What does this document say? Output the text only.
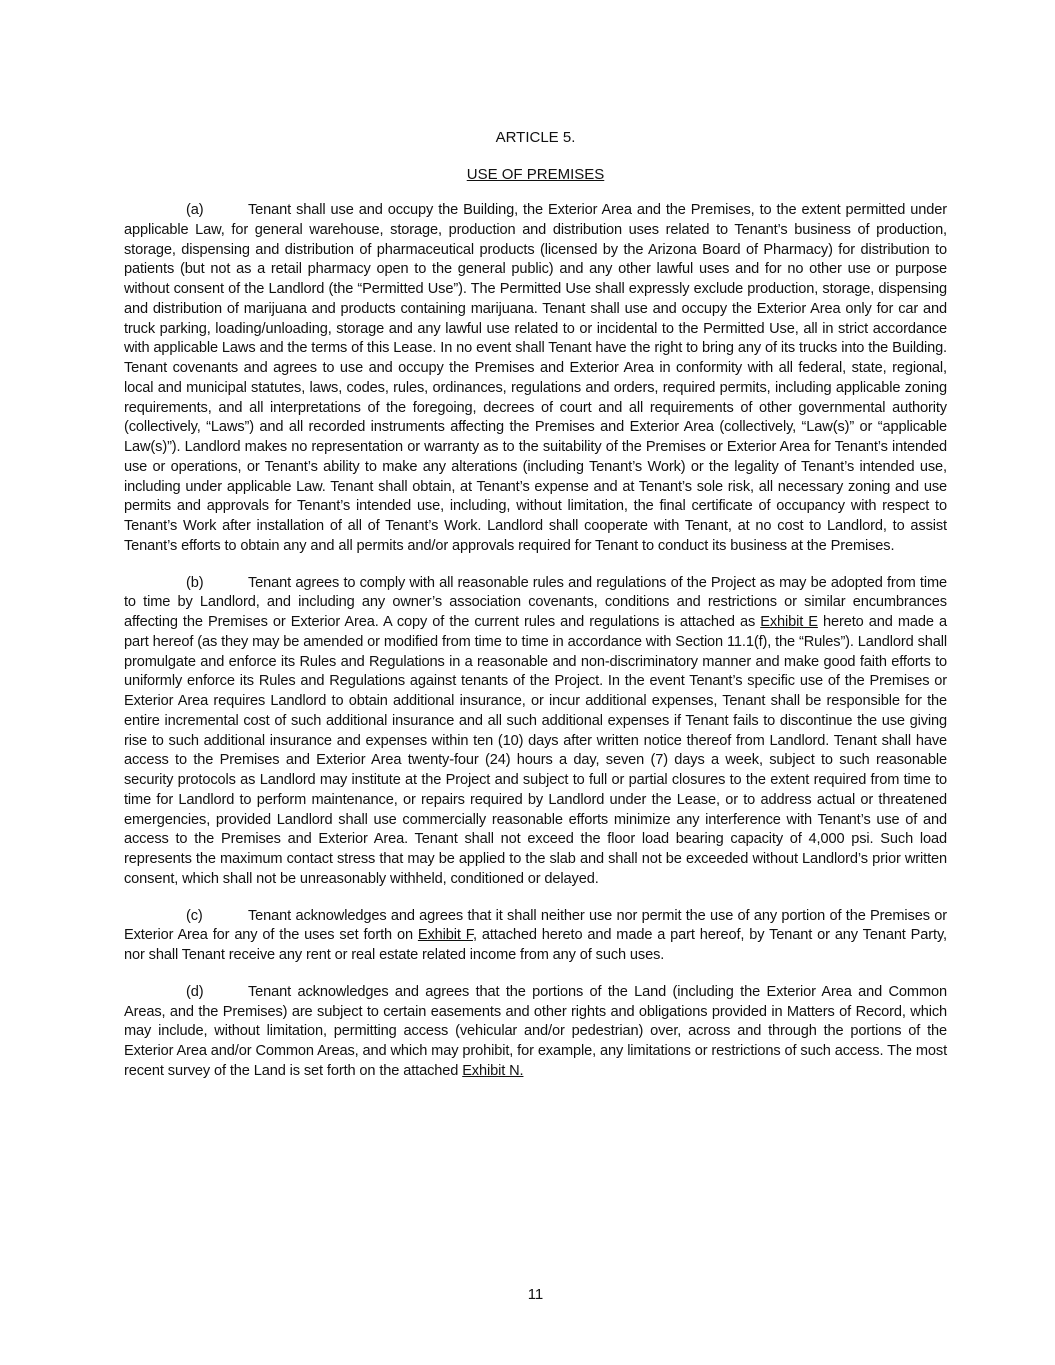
ARTICLE 5.
USE OF PREMISES

(a)	Tenant shall use and occupy the Building, the Exterior Area and the Premises, to the extent permitted under applicable Law, for general warehouse, storage, production and distribution uses related to Tenant’s business of production, storage, dispensing and distribution of pharmaceutical products (licensed by the Arizona Board of Pharmacy) for distribution to patients (but not as a retail pharmacy open to the general public) and any other lawful uses and for no other use or purpose without consent of the Landlord (the “Permitted Use”). The Permitted Use shall expressly exclude production, storage, dispensing and distribution of marijuana and products containing marijuana. Tenant shall use and occupy the Exterior Area only for car and truck parking, loading/unloading, storage and any lawful use related to or incidental to the Permitted Use, all in strict accordance with applicable Laws and the terms of this Lease. In no event shall Tenant have the right to bring any of its trucks into the Building. Tenant covenants and agrees to use and occupy the Premises and Exterior Area in conformity with all federal, state, regional, local and municipal statutes, laws, codes, rules, ordinances, regulations and orders, required permits, including applicable zoning requirements, and all interpretations of the foregoing, decrees of court and all requirements of other governmental authority (collectively, “Laws”) and all recorded instruments affecting the Premises and Exterior Area (collectively, “Law(s)” or “applicable Law(s)”). Landlord makes no representation or warranty as to the suitability of the Premises or Exterior Area for Tenant’s intended use or operations, or Tenant’s ability to make any alterations (including Tenant’s Work) or the legality of Tenant’s intended use, including under applicable Law. Tenant shall obtain, at Tenant’s expense and at Tenant’s sole risk, all necessary zoning and use permits and approvals for Tenant’s intended use, including, without limitation, the final certificate of occupancy with respect to Tenant’s Work after installation of all of Tenant’s Work. Landlord shall cooperate with Tenant, at no cost to Landlord, to assist Tenant’s efforts to obtain any and all permits and/or approvals required for Tenant to conduct its business at the Premises.

(b)	Tenant agrees to comply with all reasonable rules and regulations of the Project as may be adopted from time to time by Landlord, and including any owner’s association covenants, conditions and restrictions or similar encumbrances affecting the Premises or Exterior Area. A copy of the current rules and regulations is attached as Exhibit E hereto and made a part hereof (as they may be amended or modified from time to time in accordance with Section 11.1(f), the “Rules”). Landlord shall promulgate and enforce its Rules and Regulations in a reasonable and non-discriminatory manner and make good faith efforts to uniformly enforce its Rules and Regulations against tenants of the Project. In the event Tenant’s specific use of the Premises or Exterior Area requires Landlord to obtain additional insurance, or incur additional expenses, Tenant shall be responsible for the entire incremental cost of such additional insurance and all such additional expenses if Tenant fails to discontinue the use giving rise to such additional insurance and expenses within ten (10) days after written notice thereof from Landlord. Tenant shall have access to the Premises and Exterior Area twenty-four (24) hours a day, seven (7) days a week, subject to such reasonable security protocols as Landlord may institute at the Project and subject to full or partial closures to the extent required from time to time for Landlord to perform maintenance, or repairs required by Landlord under the Lease, or to address actual or threatened emergencies, provided Landlord shall use commercially reasonable efforts minimize any interference with Tenant’s use of and access to the Premises and Exterior Area. Tenant shall not exceed the floor load bearing capacity of 4,000 psi. Such load represents the maximum contact stress that may be applied to the slab and shall not be exceeded without Landlord’s prior written consent, which shall not be unreasonably withheld, conditioned or delayed.

(c)	Tenant acknowledges and agrees that it shall neither use nor permit the use of any portion of the Premises or Exterior Area for any of the uses set forth on Exhibit F, attached hereto and made a part hereof, by Tenant or any Tenant Party, nor shall Tenant receive any rent or real estate related income from any of such uses.

(d)	Tenant acknowledges and agrees that the portions of the Land (including the Exterior Area and Common Areas, and the Premises) are subject to certain easements and other rights and obligations provided in Matters of Record, which may include, without limitation, permitting access (vehicular and/or pedestrian) over, across and through the portions of the Exterior Area and/or Common Areas, and which may prohibit, for example, any limitations or restrictions of such access. The most recent survey of the Land is set forth on the attached Exhibit N.

11
